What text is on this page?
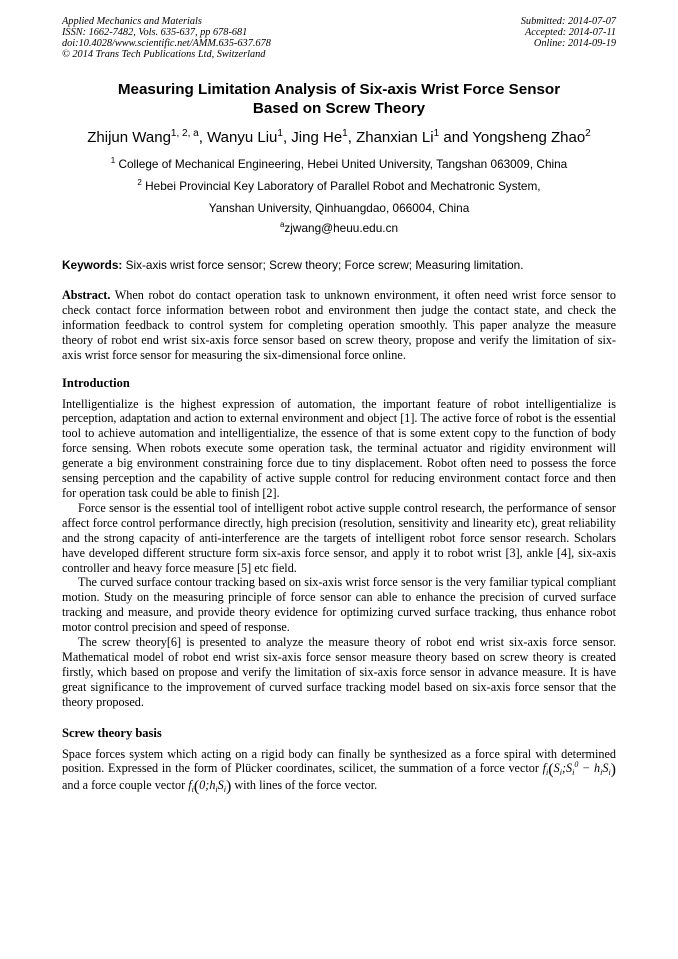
Applied Mechanics and Materials
ISSN: 1662-7482, Vols. 635-637, pp 678-681
doi:10.4028/www.scientific.net/AMM.635-637.678
© 2014 Trans Tech Publications Ltd, Switzerland
Submitted: 2014-07-07
Accepted: 2014-07-11
Online: 2014-09-19
Measuring Limitation Analysis of Six-axis Wrist Force Sensor
Based on Screw Theory
Zhijun Wang$^{1, 2, a}$, Wanyu Liu$^1$, Jing He$^1$, Zhanxian Li$^1$ and Yongsheng Zhao$^2$
$^1$ College of Mechanical Engineering, Hebei United University, Tangshan 063009, China
$^2$ Hebei Provincial Key Laboratory of Parallel Robot and Mechatronic System,
Yanshan University, Qinhuangdao, 066004, China
$^a$zjwang@heuu.edu.cn
Keywords: Six-axis wrist force sensor; Screw theory; Force screw; Measuring limitation.

Abstract. When robot do contact operation task to unknown environment, it often need wrist force sensor to check contact force information between robot and environment then judge the contact state, and check the information feedback to control system for completing operation smoothly. This paper analyze the measure theory of robot end wrist six-axis force sensor based on screw theory, propose and verify the limitation of six-axis wrist force sensor for measuring the six-dimensional force online.

Introduction

Intelligentialize is the highest expression of automation, the important feature of robot intelligentialize is perception, adaptation and action to external environment and object [1]. The active force of robot is the essential tool to achieve automation and intelligentialize, the essence of that is some extent copy to the function of body force sensing. When robots execute some operation task, the terminal actuator and rigidity environment will generate a big environment constraining force due to tiny displacement. Robot often need to possess the force sensing perception and the capability of active supple control for reducing environment contact force and then for operation task could be able to finish [2].

Force sensor is the essential tool of intelligent robot active supple control research, the performance of sensor affect force control performance directly, high precision (resolution, sensitivity and linearity etc), great reliability and the strong capacity of anti-interference are the targets of intelligent robot force sensor research. Scholars have developed different structure form six-axis force sensor, and apply it to robot wrist [3], ankle [4], six-axis controller and heavy force measure [5] etc field.

The curved surface contour tracking based on six-axis wrist force sensor is the very familiar typical compliant motion. Study on the measuring principle of force sensor can able to enhance the precision of curved surface tracking and measure, and provide theory evidence for optimizing curved surface tracking, thus enhance robot motor control precision and speed of response.

The screw theory[6] is presented to analyze the measure theory of robot end wrist six-axis force sensor. Mathematical model of robot end wrist six-axis force sensor measure theory based on screw theory is created firstly, which based on propose and verify the limitation of six-axis force sensor in advance measure. It is have great significance to the improvement of curved surface tracking model based on six-axis force sensor that the theory proposed.

Screw theory basis

Space forces system which acting on a rigid body can finally be synthesized as a force spiral with determined position. Expressed in the form of Plücker coordinates, scilicet, the summation of a force vector $f_i(S_i;S_i^0 - h_iS_i)$ and a force couple vector $f_i(0;h_iS_i)$ with lines of the force vector.
